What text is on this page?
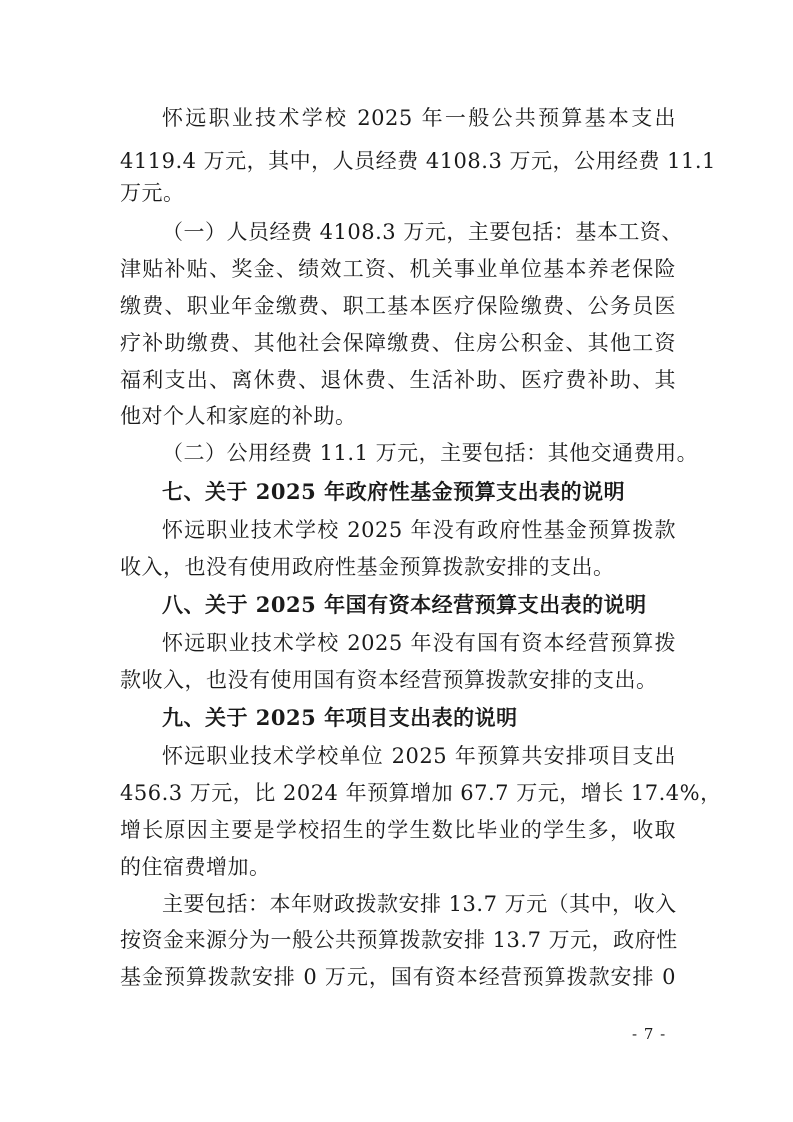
怀远职业技术学校 2025 年一般公共预算基本支出
4119.4 万元，其中，人员经费 4108.3 万元，公用经费 11.1
万元。
（一）人员经费 4108.3 万元，主要包括：基本工资、
津贴补贴、奖金、绩效工资、机关事业单位基本养老保险
缴费、职业年金缴费、职工基本医疗保险缴费、公务员医
疗补助缴费、其他社会保障缴费、住房公积金、其他工资
福利支出、离休费、退休费、生活补助、医疗费补助、其
他对个人和家庭的补助。
（二）公用经费 11.1 万元，主要包括：其他交通费用。
七、关于 2025 年政府性基金预算支出表的说明
怀远职业技术学校 2025 年没有政府性基金预算拨款
收入，也没有使用政府性基金预算拨款安排的支出。
八、关于 2025 年国有资本经营预算支出表的说明
怀远职业技术学校 2025 年没有国有资本经营预算拨
款收入，也没有使用国有资本经营预算拨款安排的支出。
九、关于 2025 年项目支出表的说明
怀远职业技术学校单位 2025 年预算共安排项目支出
456.3 万元，比 2024 年预算增加 67.7 万元，增长 17.4%，
增长原因主要是学校招生的学生数比毕业的学生多，收取
的住宿费增加。
主要包括：本年财政拨款安排 13.7 万元（其中，收入
按资金来源分为一般公共预算拨款安排 13.7 万元，政府性
基金预算拨款安排 0 万元，国有资本经营预算拨款安排 0
- 7 -
